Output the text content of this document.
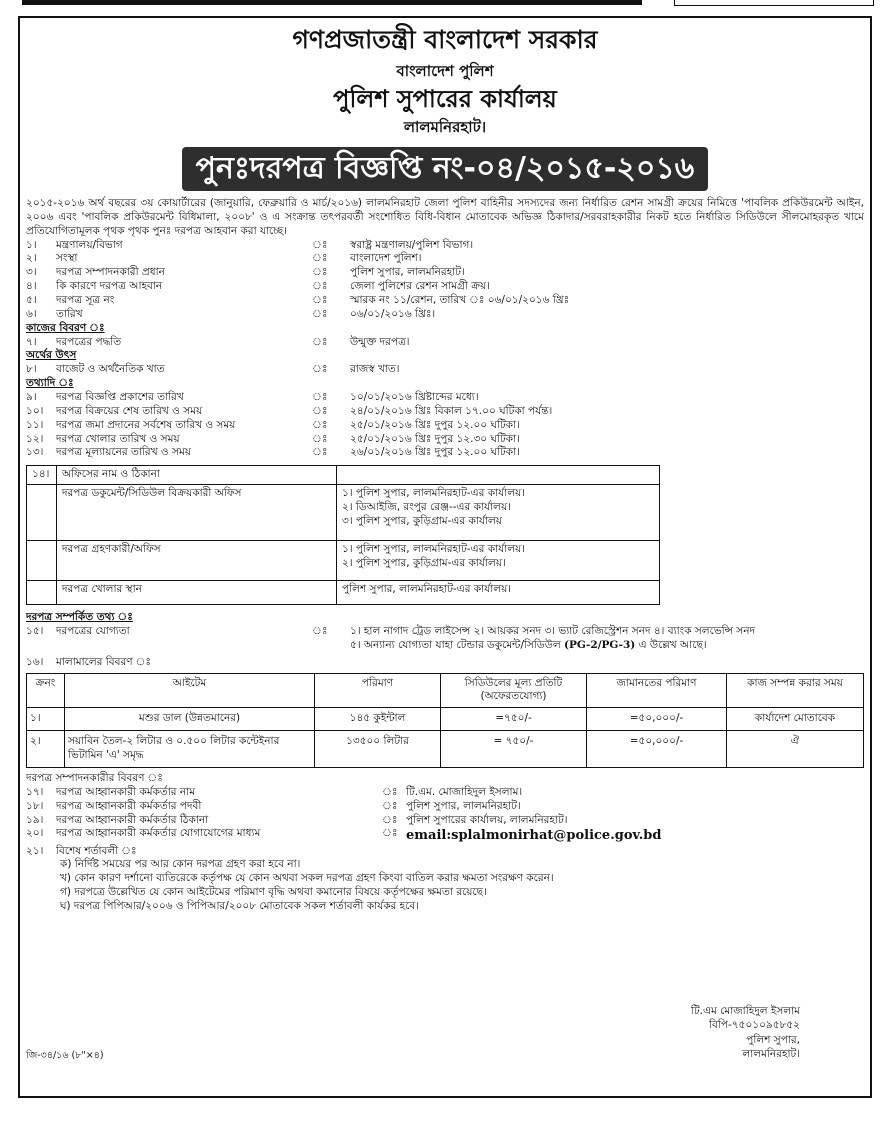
গণপ্রজাতন্ত্রী বাংলাদেশ সরকার
বাংলাদেশ পুলিশ
পুলিশ সুপারের কার্যালয়
লালমনিরহাট।
পুনঃদরপত্র বিজ্ঞপ্তি নং-০৪/২০১৫-২০১৬
২০১৫-২০১৬ অর্থ বছরের ৩য় কোয়ার্টারের (জানুয়ারি, ফেব্রুয়ারি ও মার্চ/২০১৬) লালমনিরহাট জেলা পুলিশ বাহিনীর সদস্যদের জন্য নির্ধারিত রেশন সামগ্রী ক্রয়ের নিমিত্তে 'পাবলিক প্রকিউরমেন্ট আইন, ২০০৬ এবং 'পাবলিক প্রকিউরমেন্ট বিধিমালা, ২০০৮' ও এ সংক্রান্ত তৎপরবর্তী সংশোধিত বিধি-বিধান মোতাবেক অভিজ্ঞ ঠিকাদার/সরবরাহকারীর নিকট হতে নির্ধারিত সিডিউলে সীলমোহরকৃত খামে প্রতিযোগিতামূলক পৃথক পৃথক পুনঃ দরপত্র আহবান করা যাচ্ছে।
১।	মন্ত্রণালয়/বিভাগ	ঃ	স্বরাষ্ট্র মন্ত্রণালয়/পুলিশ বিভাগ।
২।	সংস্থা	ঃ	বাংলাদেশ পুলিশ।
৩।	দরপত্র সম্পাদনকারী প্রধান	ঃ	পুলিশ সুপার, লালমনিরহাট।
৪।	কি কারণে দরপত্র আহবান	ঃ	জেলা পুলিশের রেশন সামগ্রী ক্রয়।
৫।	দরপত্র সূত্র নং	ঃ	স্মারক নং ১১/রেশন, তারিখ ঃ ০৬/০১/২০১৬ খ্রিঃ
৬।	তারিখ	ঃ	০৬/০১/২০১৬ খ্রিঃ।
কাজের বিবরণ ঃ
৭।	দরপত্রের পদ্ধতি	ঃ	উন্মুক্ত দরপত্র।
অর্থের উৎস
৮।	বাজেট ও অর্থনৈতিক খাত	ঃ	রাজস্ব খাত।
তথ্যাদি ঃ
৯।	দরপত্র বিজ্ঞপ্তি প্রকাশের তারিখ	ঃ	১০/০১/২০১৬ খ্রিষ্টাব্দের মধ্যে।
১০।	দরপত্র বিক্রয়ের শেষ তারিখ ও সময়	ঃ	২৪/০১/২০১৬ খ্রিঃ বিকাল ১৭.০০ ঘটিকা পর্যন্ত।
১১।	দরপত্র জমা প্রদানের সর্বশেষ তারিখ ও সময়	ঃ	২৫/০১/২০১৬ খ্রিঃ দুপুর ১২.০০ ঘটিকা।
১২।	দরপত্র খোলার তারিখ ও সময়	ঃ	২৫/০১/২০১৬ খ্রিঃ দুপুর ১২.৩০ ঘটিকা।
১৩।	দরপত্র মূল্যায়নের তারিখ ও সময়	ঃ	২৬/০১/২০১৬ খ্রিঃ দুপুর ১২.০০ ঘটিকা।
১৪।	অফিসের নাম ও ঠিকানা	
	দরপত্র ডকুমেন্ট/সিডিউল বিক্রয়কারী অফিস	১। পুলিশ সুপার, লালমনিরহাট-এর কার্যালয়।
২। ডিআইজি, রংপুর রেঞ্জ--এর কার্যালয়।
৩। পুলিশ সুপার, কুড়িগ্রাম-এর কার্যালয়

	দরপত্র গ্রহণকারী/অফিস	১। পুলিশ সুপার, লালমনিরহাট-এর কার্যালয়।
২। পুলিশ সুপার, কুড়িগ্রাম-এর কার্যালয়।

	দরপত্র খোলার স্থান	পুলিশ সুপার, লালমনিরহাট-এর কার্যালয়।
দরপত্র সম্পর্কিত তথ্য ঃ
১৫।	দরপত্রের যোগ্যতা	ঃ	১। হাল নাগাদ ট্রেড লাইসেন্স ২। আয়কর সনদ ৩। ভ্যাট রেজিস্ট্রেশন সনদ ৪। ব্যাংক সলভেন্সি সনদ
৫। অন্যান্য যোগ্যতা যাহা টেন্ডার ডকুমেন্ট/সিডিউল (PG-2/PG-3) এ উল্লেখ আছে।
১৬।	মালামালের বিবরণ ঃ
ক্রনং	আইটেম	পরিমাণ	সিডিউলের মূল্য প্রতিটি (অফেরতযোগ্য)	জামানতের পরিমাণ	কাজ সম্পন্ন করার সময়
১।	মশুর ডাল (উন্নতমানের)	১৪৫ কুইন্টাল	=৭৫০/-	=৫০,০০০/-	কার্যাদেশ মোতাবেক
২।	সয়াবিন তৈল-২ লিটার ও ০.৫০০ লিটার কন্টেইনার ভিটামিন 'এ' সমৃদ্ধ	১৩৫০০ লিটার	= ৭৫০/-	=৫০,০০০/-	ঐ
দরপত্র সম্পাদনকারীর বিবরণ ঃ
১৭।	দরপত্র আহ্বানকারী কর্মকর্তার নাম	ঃ টি.এম. মোজাহিদুল ইসলাম।
১৮।	দরপত্র আহ্বানকারী কর্মকর্তার পদবী	ঃ পুলিশ সুপার, লালমনিরহাট।
১৯।	দরপত্র আহ্বানকারী কর্মকর্তার ঠিকানা	ঃ পুলিশ সুপারের কার্যালয়, লালমনিরহাট।
২০।	দরপত্র আহ্বানকারী কর্মকর্তার যোগাযোগের মাধ্যম	ঃ email:splalmonirhat@police.gov.bd
২১।	বিশেষ শর্তাবলী ঃ
ক) নির্দিষ্ট সময়ের পর আর কোন দরপত্র গ্রহণ করা হবে না।
খ) কোন কারণ দর্শানো ব্যতিরেকে কর্তৃপক্ষ যে কোন অথবা সকল দরপত্র গ্রহণ কিংবা বাতিল করার ক্ষমতা সংরক্ষণ করেন।
গ) দরপত্রে উল্লেখিত যে কোন আইটেমের পরিমাণ বৃদ্ধি অথবা কমানোর বিষয়ে কর্তৃপক্ষের ক্ষমতা রয়েছে।
ঘ) দরপত্র পিপিআর/২০০৬ ও পিপিআর/২০০৮ মোতাবেক সকল শর্তাবলী কার্যকর হবে।
টি.এম মোজাহিদুল ইসলাম
বিপি-৭৫০১০৯৫৮৫২
পুলিশ সুপার,
লালমনিরহাট।
জি-৩৪/১৬ (৮"×৪)
